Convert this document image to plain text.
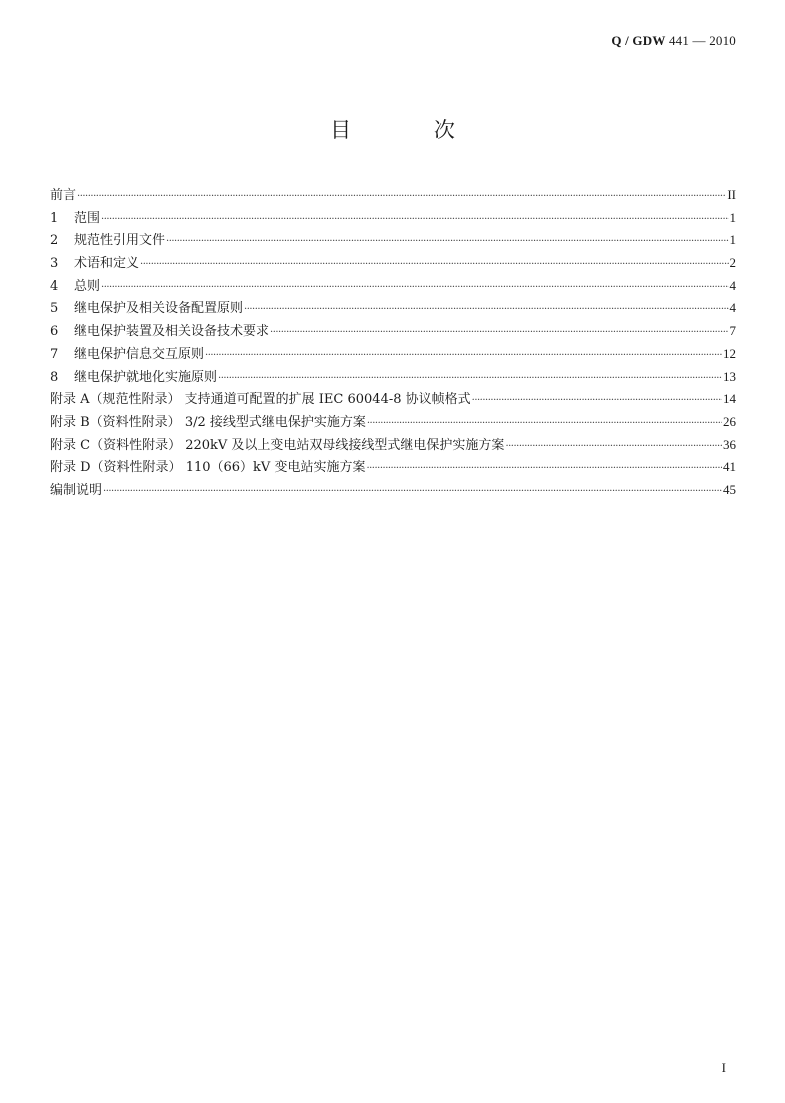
Q / GDW 441 — 2010
目 次
前言 ·····	II
1 范围 ·····	1
2 规范性引用文件 ·····	1
3 术语和定义 ·····	2
4 总则 ·····	4
5 继电保护及相关设备配置原则 ·····	4
6 继电保护装置及相关设备技术要求 ·····	7
7 继电保护信息交互原则 ·····	12
8 继电保护就地化实施原则 ·····	13
附录 A（规范性附录） 支持通道可配置的扩展 IEC 60044-8 协议帧格式 ·····	14
附录 B（资料性附录） 3/2 接线型式继电保护实施方案 ·····	26
附录 C（资料性附录） 220kV 及以上变电站双母线接线型式继电保护实施方案 ·····	36
附录 D（资料性附录） 110（66）kV 变电站实施方案 ·····	41
编制说明 ·····	45
I
